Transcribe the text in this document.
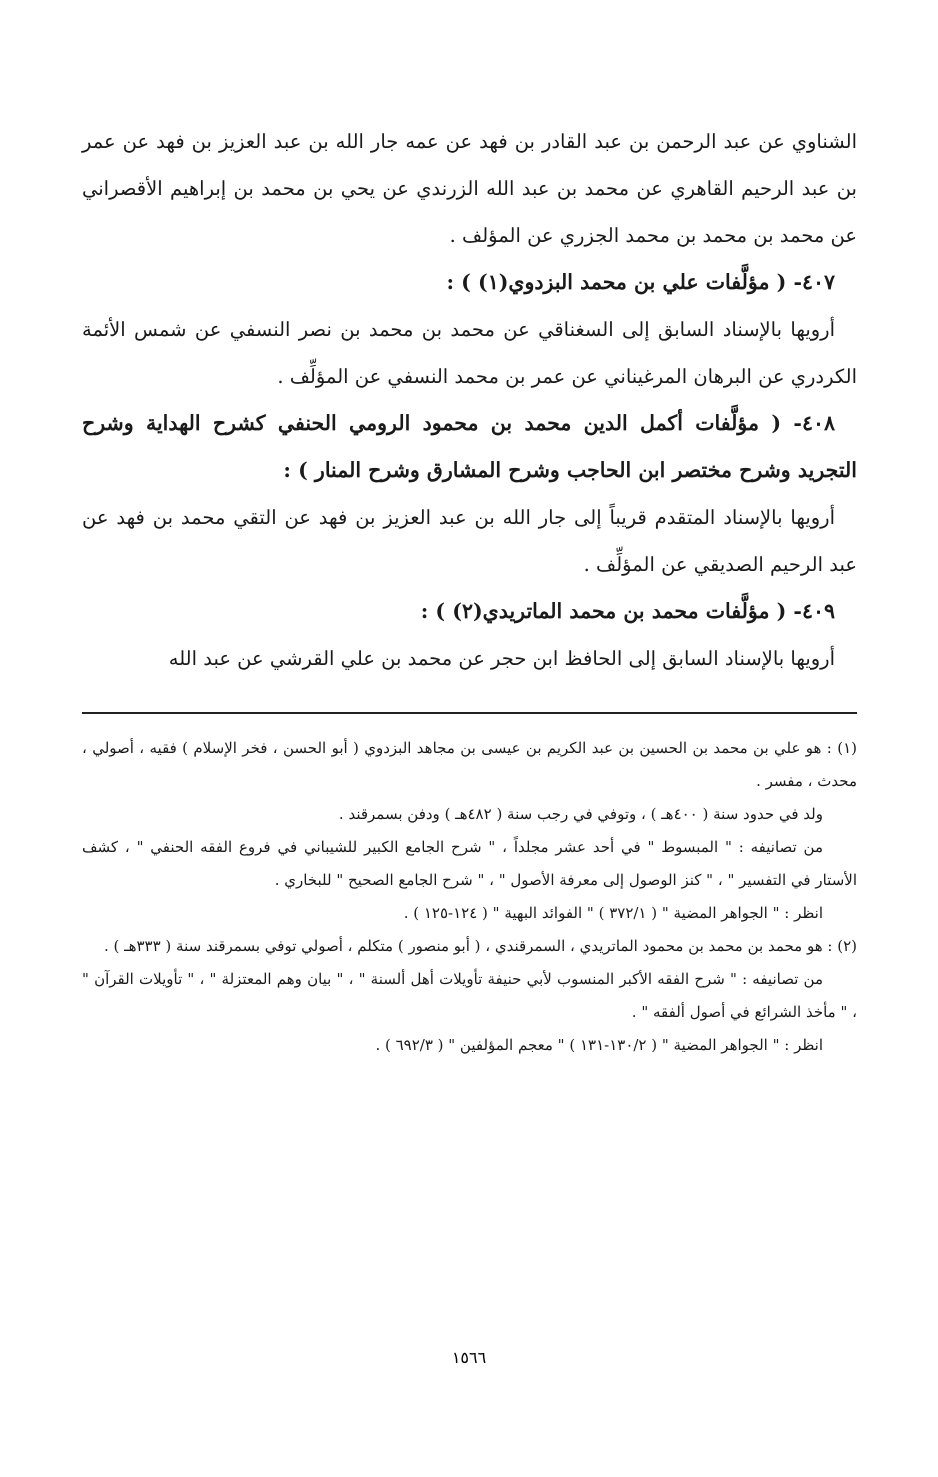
الشناوي عن عبد الرحمن بن عبد القادر بن فهد عن عمه جار الله بن عبد العزيز بن فهد عن عمر بن عبد الرحيم القاهري عن محمد بن عبد الله الزرندي عن يحي بن محمد بن إبراهيم الأقصراني عن محمد بن محمد بن محمد الجزري عن المؤلف .

٤٠٧- ( مؤلَّفات علي بن محمد البزدوي(١) ) :

أرويها بالإسناد السابق إلى السغناقي عن محمد بن محمد بن نصر النسفي عن شمس الأئمة الكردري عن البرهان المرغيناني عن عمر بن محمد النسفي عن المؤلِّف .

٤٠٨- ( مؤلَّفات أكمل الدين محمد بن محمود الرومي الحنفي كشرح الهداية وشرح التجريد وشرح مختصر ابن الحاجب وشرح المشارق وشرح المنار ) :

أرويها بالإسناد المتقدم قريباً إلى جار الله بن عبد العزيز بن فهد عن التقي محمد بن فهد عن عبد الرحيم الصديقي عن المؤلِّف .

٤٠٩- ( مؤلَّفات محمد بن محمد الماتريدي(٢) ) :

أرويها بالإسناد السابق إلى الحافظ ابن حجر عن محمد بن علي القرشي عن عبد الله

(١) : هو علي بن محمد بن الحسين بن عبد الكريم بن عيسى بن مجاهد البزدوي ( أبو الحسن ، فخر الإسلام ) فقيه ، أصولي ، محدث ، مفسر .

ولد في حدود سنة ( ٤٠٠هـ ) ، وتوفي في رجب سنة ( ٤٨٢هـ ) ودفن بسمرقند .

من تصانيفه : " المبسوط " في أحد عشر مجلداً ، " شرح الجامع الكبير للشيباني في فروع الفقه الحنفي " ، كشف الأستار في التفسير " ، " كنز الوصول إلى معرفة الأصول " ، " شرح الجامع الصحيح " للبخاري .

انظر : " الجواهر المضية " ( ٣٧٢/١ ) " الفوائد البهية " ( ١٢٤-١٢٥ ) .

(٢) : هو محمد بن محمد بن محمود الماتريدي ، السمرقندي ، ( أبو منصور ) متكلم ، أصولي توفي بسمرقند سنة ( ٣٣٣هـ ) .

من تصانيفه : " شرح الفقه الأكبر المنسوب لأبي حنيفة تأويلات أهل ألسنة " ، " بيان وهم المعتزلة " ، " تأويلات القرآن " ، " مأخذ الشرائع في أصول ألفقه " .

انظر : " الجواهر المضية " ( ١٣٠/٢-١٣١ ) " معجم المؤلفين " ( ٦٩٢/٣ ) .

١٥٦٦
